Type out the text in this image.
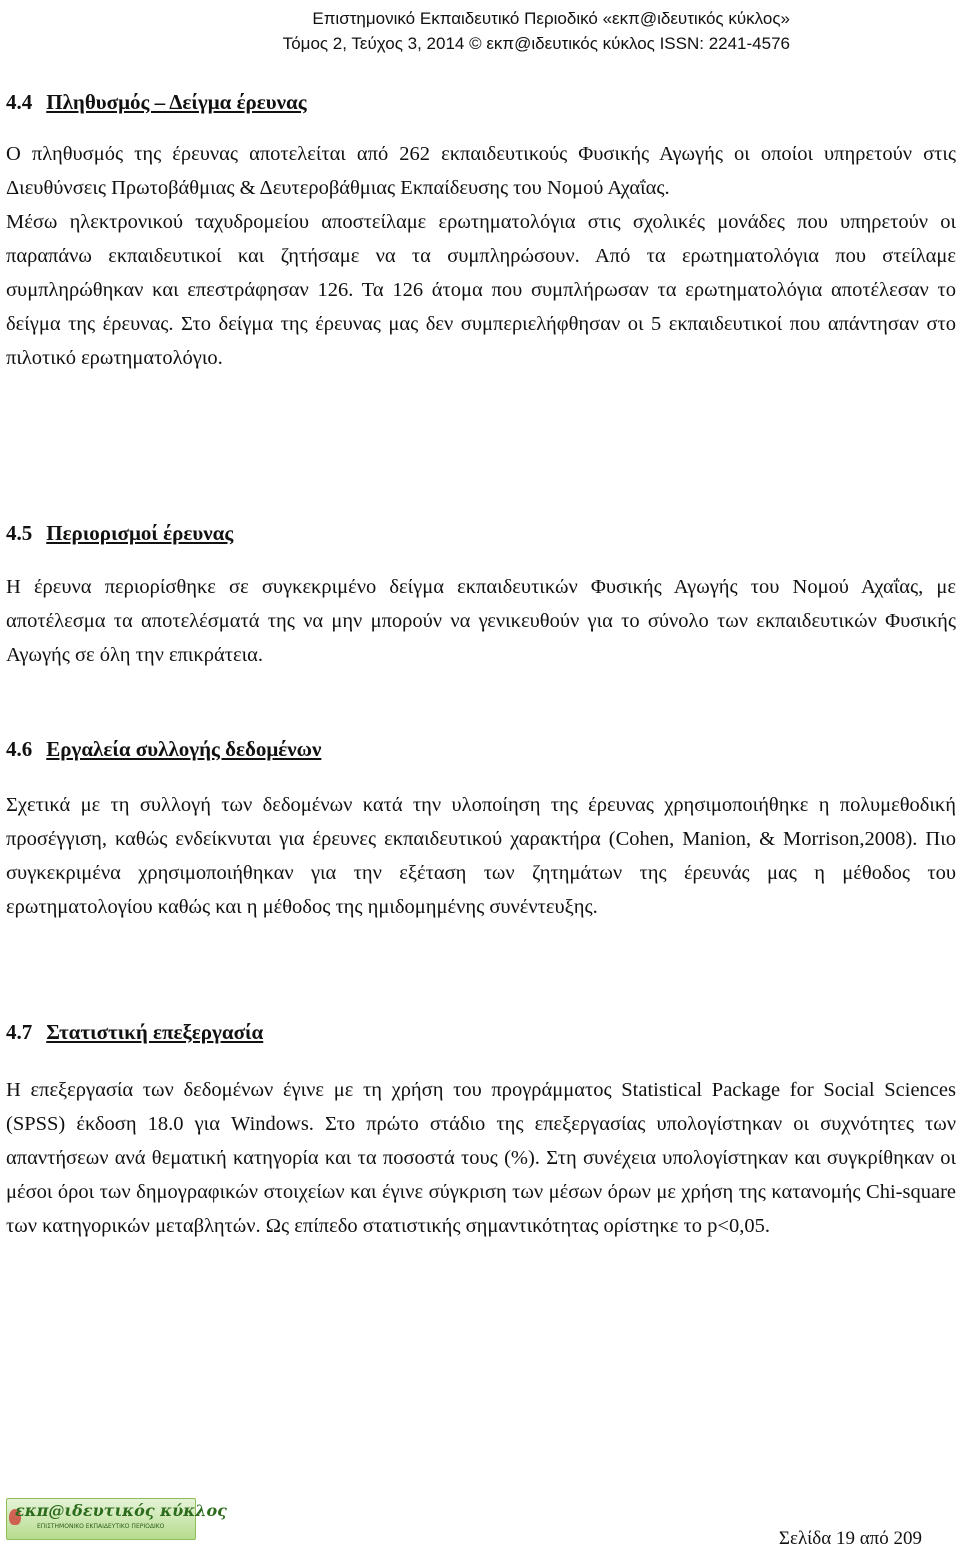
Επιστημονικό Εκπαιδευτικό Περιοδικό «εκπ@ιδευτικός κύκλος»
Τόμος 2, Τεύχος 3, 2014 © εκπ@ιδευτικός κύκλος ISSN: 2241-4576
4.4 Πληθυσμός – Δείγμα έρευνας

Ο πληθυσμός της έρευνας αποτελείται από 262 εκπαιδευτικούς Φυσικής Αγωγής οι οποίοι υπηρετούν στις Διευθύνσεις Πρωτοβάθμιας & Δευτεροβάθμιας Εκπαίδευσης του Νομού Αχαΐας.

Μέσω ηλεκτρονικού ταχυδρομείου αποστείλαμε ερωτηματολόγια στις σχολικές μονάδες που υπηρετούν οι παραπάνω εκπαιδευτικοί και ζητήσαμε να τα συμπληρώσουν. Από τα ερωτηματολόγια που στείλαμε συμπληρώθηκαν και επεστράφησαν 126. Τα 126 άτομα που συμπλήρωσαν τα ερωτηματολόγια αποτέλεσαν το δείγμα της έρευνας. Στο δείγμα της έρευνας μας δεν συμπεριελήφθησαν οι 5 εκπαιδευτικοί που απάντησαν στο πιλοτικό ερωτηματολόγιο.

4.5 Περιορισμοί έρευνας

Η έρευνα περιορίσθηκε σε συγκεκριμένο δείγμα εκπαιδευτικών Φυσικής Αγωγής του Νομού Αχαΐας, με αποτέλεσμα τα αποτελέσματά της να μην μπορούν να γενικευθούν για το σύνολο των εκπαιδευτικών Φυσικής Αγωγής σε όλη την επικράτεια.

4.6 Εργαλεία συλλογής δεδομένων

Σχετικά με τη συλλογή των δεδομένων κατά την υλοποίηση της έρευνας χρησιμοποιήθηκε η πολυμεθοδική προσέγγιση, καθώς ενδείκνυται για έρευνες εκπαιδευτικού χαρακτήρα (Cohen, Manion, & Morrison,2008). Πιο συγκεκριμένα χρησιμοποιήθηκαν για την εξέταση των ζητημάτων της έρευνάς μας η μέθοδος του ερωτηματολογίου καθώς και η μέθοδος της ημιδομημένης συνέντευξης.

4.7 Στατιστική επεξεργασία

Η επεξεργασία των δεδομένων έγινε με τη χρήση του προγράμματος Statistical Package for Social Sciences (SPSS) έκδοση 18.0 για Windows. Στο πρώτο στάδιο της επεξεργασίας υπολογίστηκαν οι συχνότητες των απαντήσεων ανά θεματική κατηγορία και τα ποσοστά τους (%). Στη συνέχεια υπολογίστηκαν και συγκρίθηκαν οι μέσοι όροι των δημογραφικών στοιχείων και έγινε σύγκριση των μέσων όρων με χρήση της κατανομής Chi-square των κατηγορικών μεταβλητών. Ως επίπεδο στατιστικής σημαντικότητας ορίστηκε το p<0,05.

εκπ@ιδευτικός κύκλος
ΕΠΙΣΤΗΜΟΝΙΚΟ ΕΚΠΑΙΔΕΥΤΙΚΟ ΠΕΡΙΟΔΙΚΟ
Σελίδα 19 από 209
